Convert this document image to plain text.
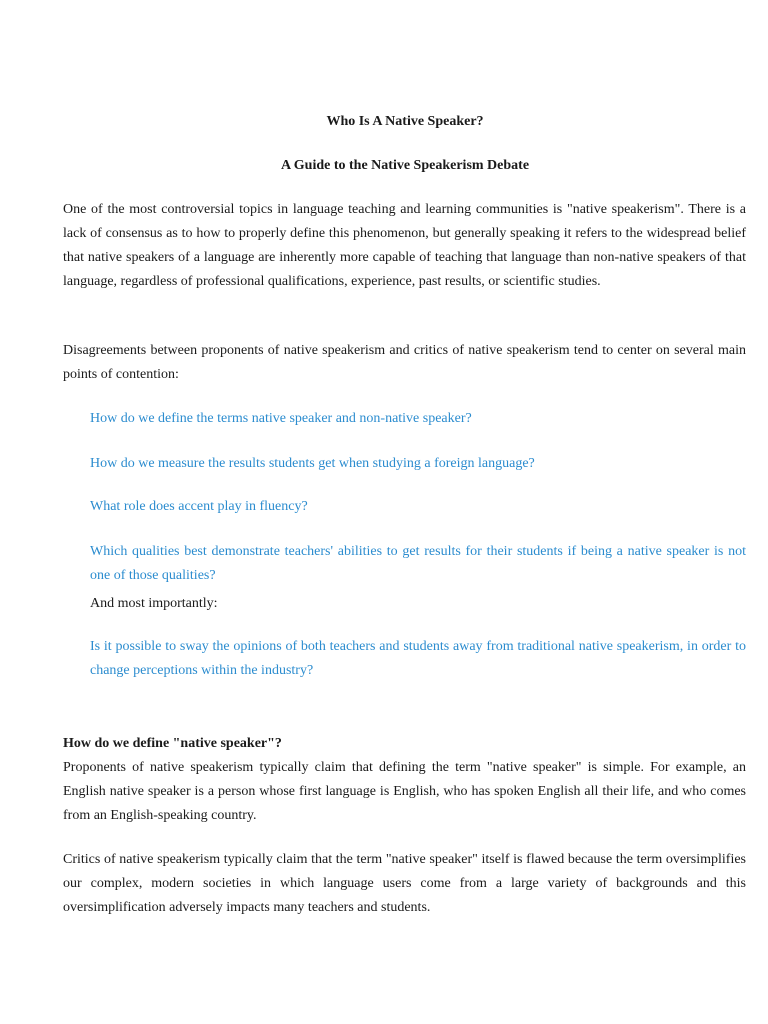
Who Is A Native Speaker?

A Guide to the Native Speakerism Debate

One of the most controversial topics in language teaching and learning communities is "native speakerism". There is a lack of consensus as to how to properly define this phenomenon, but generally speaking it refers to the widespread belief that native speakers of a language are inherently more capable of teaching that language than non-native speakers of that language, regardless of professional qualifications, experience, past results, or scientific studies.

Disagreements between proponents of native speakerism and critics of native speakerism tend to center on several main points of contention:

How do we define the terms native speaker and non-native speaker?

How do we measure the results students get when studying a foreign language?

What role does accent play in fluency?

Which qualities best demonstrate teachers' abilities to get results for their students if being a native speaker is not one of those qualities?

And most importantly:

Is it possible to sway the opinions of both teachers and students away from traditional native speakerism, in order to change perceptions within the industry?

How do we define "native speaker"?

Proponents of native speakerism typically claim that defining the term "native speaker" is simple. For example, an English native speaker is a person whose first language is English, who has spoken English all their life, and who comes from an English-speaking country.

Critics of native speakerism typically claim that the term "native speaker" itself is flawed because the term oversimplifies our complex, modern societies in which language users come from a large variety of backgrounds and this oversimplification adversely impacts many teachers and students.
